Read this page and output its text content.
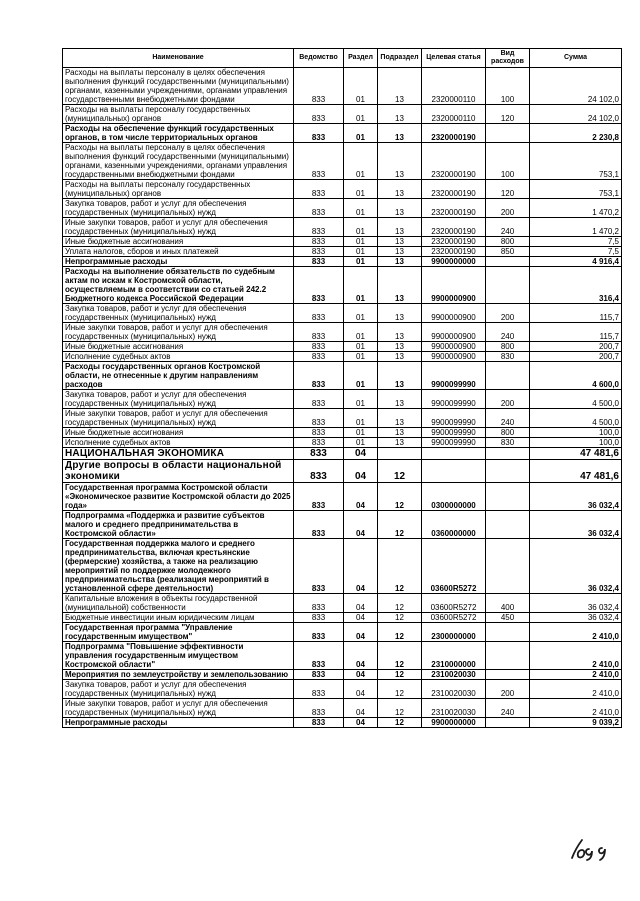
Наименование	Ведомство	Раздел	Подраздел	Целевая статья	Вид расходов	Сумма
Расходы на выплаты персоналу в целях обеспечения выполнения функций государственными (муниципальными) органами, казенными учреждениями, органами управления государственными внебюджетными фондами	833	01	13	2320000110	100	24 102,0
Расходы на выплаты персоналу государственных (муниципальных) органов	833	01	13	2320000110	120	24 102,0
Расходы на обеспечение функций государственных органов, в том числе территориальных органов	833	01	13	2320000190		2 230,8
Расходы на выплаты персоналу в целях обеспечения выполнения функций государственными (муниципальными) органами, казенными учреждениями, органами управления государственными внебюджетными фондами	833	01	13	2320000190	100	753,1
Расходы на выплаты персоналу государственных (муниципальных) органов	833	01	13	2320000190	120	753,1
Закупка товаров, работ и услуг для обеспечения государственных (муниципальных) нужд	833	01	13	2320000190	200	1 470,2
Иные закупки товаров, работ и услуг для обеспечения государственных (муниципальных) нужд	833	01	13	2320000190	240	1 470,2
Иные бюджетные ассигнования	833	01	13	2320000190	800	7,5
Уплата налогов, сборов и иных платежей	833	01	13	2320000190	850	7,5
Непрограммные расходы	833	01	13	9900000000		4 916,4
Расходы на выполнение обязательств по судебным актам по искам к Костромской области, осуществляемым в соответствии со статьей 242.2 Бюджетного кодекса Российской Федерации	833	01	13	9900000900		316,4
Закупка товаров, работ и услуг для обеспечения государственных (муниципальных) нужд	833	01	13	9900000900	200	115,7
Иные закупки товаров, работ и услуг для обеспечения государственных (муниципальных) нужд	833	01	13	9900000900	240	115,7
Иные бюджетные ассигнования	833	01	13	9900000900	800	200,7
Исполнение судебных актов	833	01	13	9900000900	830	200,7
Расходы государственных органов Костромской области, не отнесенные к другим направлениям расходов	833	01	13	9900099990		4 600,0
Закупка товаров, работ и услуг для обеспечения государственных (муниципальных) нужд	833	01	13	9900099990	200	4 500,0
Иные закупки товаров, работ и услуг для обеспечения государственных (муниципальных) нужд	833	01	13	9900099990	240	4 500,0
Иные бюджетные ассигнования	833	01	13	9900099990	800	100,0
Исполнение судебных актов	833	01	13	9900099990	830	100,0
НАЦИОНАЛЬНАЯ ЭКОНОМИКА	833	04				47 481,6
Другие вопросы в области национальной экономики	833	04	12			47 481,6
Государственная программа Костромской области «Экономическое развитие Костромской области до 2025 года»	833	04	12	0300000000		36 032,4
Подпрограмма «Поддержка и развитие субъектов малого и среднего предпринимательства в Костромской области»	833	04	12	0360000000		36 032,4
Государственная поддержка малого и среднего предпринимательства, включая крестьянские (фермерские) хозяйства, а также на реализацию мероприятий по поддержке молодежного предпринимательства (реализация мероприятий в установленной сфере деятельности)	833	04	12	03600R5272		36 032,4
Капитальные вложения в объекты государственной (муниципальной) собственности	833	04	12	03600R5272	400	36 032,4
Бюджетные инвестиции иным юридическим лицам	833	04	12	03600R5272	450	36 032,4
Государственная программа "Управление государственным имуществом"	833	04	12	2300000000		2 410,0
Подпрограмма "Повышение эффективности управления государственным имуществом Костромской области"	833	04	12	2310000000		2 410,0
Мероприятия по землеустройству и землепользованию	833	04	12	2310020030		2 410,0
Закупка товаров, работ и услуг для обеспечения государственных (муниципальных) нужд	833	04	12	2310020030	200	2 410,0
Иные закупки товаров, работ и услуг для обеспечения государственных (муниципальных) нужд	833	04	12	2310020030	240	2 410,0
Непрограммные расходы	833	04	12	9900000000		9 039,2
